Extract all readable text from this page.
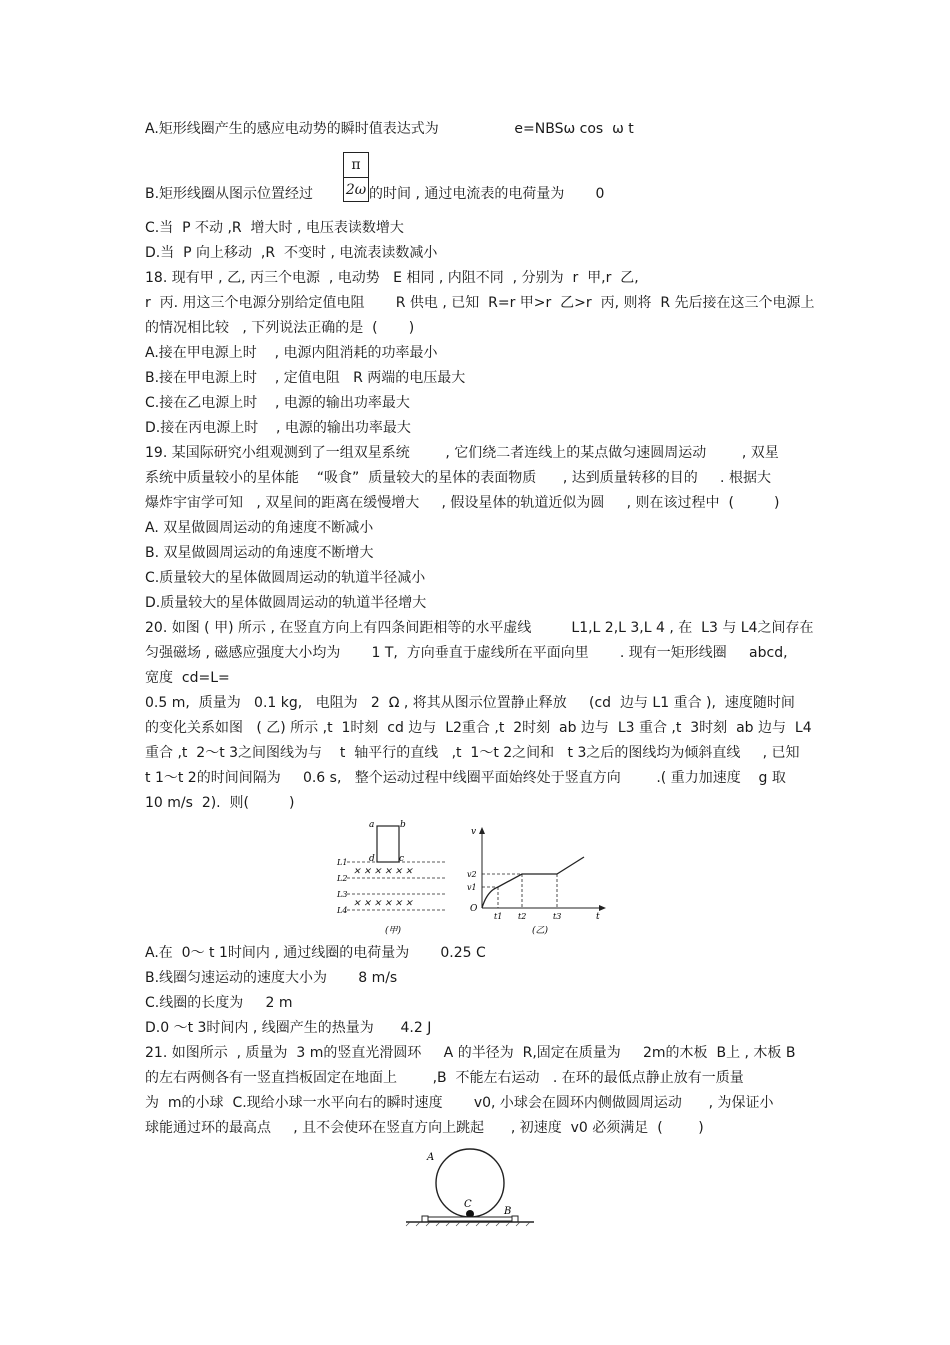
A.矩形线圈产生的感应电动势的瞬时值表达式为                 e=NBSω cos  ω t
B.矩形线圈从图示位置经过 $\frac{\pi}{2\omega}$ 的时间 , 通过电流表的电荷量为       0
C.当  P 不动 ,R  增大时 , 电压表读数增大
D.当  P 向上移动  ,R  不变时 , 电流表读数减小
18. 现有甲 , 乙, 丙三个电源  , 电动势   E 相同 , 内阻不同  , 分别为  r  甲,r  乙,
r  丙. 用这三个电源分别给定值电阻       R 供电 , 已知  R=r 甲>r  乙>r  丙, 则将  R 先后接在这三个电源上
的情况相比较   , 下列说法正确的是  (       )
A.接在甲电源上时    , 电源内阻消耗的功率最小
B.接在甲电源上时    , 定值电阻   R 两端的电压最大
C.接在乙电源上时    , 电源的输出功率最大
D.接在丙电源上时    , 电源的输出功率最大
19. 某国际研究小组观测到了一组双星系统        , 它们绕二者连线上的某点做匀速圆周运动        , 双星
系统中质量较小的星体能    “吸食”  质量较大的星体的表面物质      , 达到质量转移的目的     . 根据大
爆炸宇宙学可知   , 双星间的距离在缓慢增大     , 假设星体的轨道近似为圆     , 则在该过程中  (         )
A. 双星做圆周运动的角速度不断减小
B. 双星做圆周运动的角速度不断增大
C.质量较大的星体做圆周运动的轨道半径减小
D.质量较大的星体做圆周运动的轨道半径增大
20. 如图 ( 甲) 所示 , 在竖直方向上有四条间距相等的水平虚线         L1,L 2,L 3,L 4 , 在  L3 与 L4之间存在
匀强磁场 , 磁感应强度大小均为       1 T,  方向垂直于虚线所在平面向里       . 现有一矩形线圈     abcd,
宽度  cd=L=
0.5 m,  质量为   0.1 kg,   电阻为   2  Ω , 将其从图示位置静止释放     (cd  边与 L1 重合 ),  速度随时间
的变化关系如图   ( 乙) 所示 ,t  1时刻  cd 边与  L2重合 ,t  2时刻  ab 边与  L3 重合 ,t  3时刻  ab 边与  L4
重合 ,t  2～t 3之间图线为与    t  轴平行的直线   ,t  1～t 2之间和   t 3之后的图线均为倾斜直线     , 已知
t 1～t 2的时间间隔为     0.6 s,   整个运动过程中线圈平面始终处于竖直方向        .( 重力加速度    g 取
10 m/s  2).  则(         )
a	b
c
d
✕ ✕ ✕ ✕ ✕ ✕
✕ ✕ ✕ ✕ ✕ ✕
L1
L2
L3
L4
(甲)
v
v2
v1
O
t1 t2	t3	t
(乙)
A.在  0～ t 1时间内 , 通过线圈的电荷量为       0.25 C
B.线圈匀速运动的速度大小为       8 m/s
C.线圈的长度为     2 m
D.0 ～t 3时间内 , 线圈产生的热量为      4.2 J
21. 如图所示  , 质量为  3 m的竖直光滑圆环     A 的半径为  R,固定在质量为     2m的木板  B上 , 木板 B
的左右两侧各有一竖直挡板固定在地面上        ,B  不能左右运动   . 在环的最低点静止放有一质量
为  m的小球  C.现给小球一水平向右的瞬时速度       v0, 小球会在圆环内侧做圆周运动      , 为保证小
球能通过环的最高点     , 且不会使环在竖直方向上跳起      , 初速度  v0 必须满足  (        )
A
C
B
